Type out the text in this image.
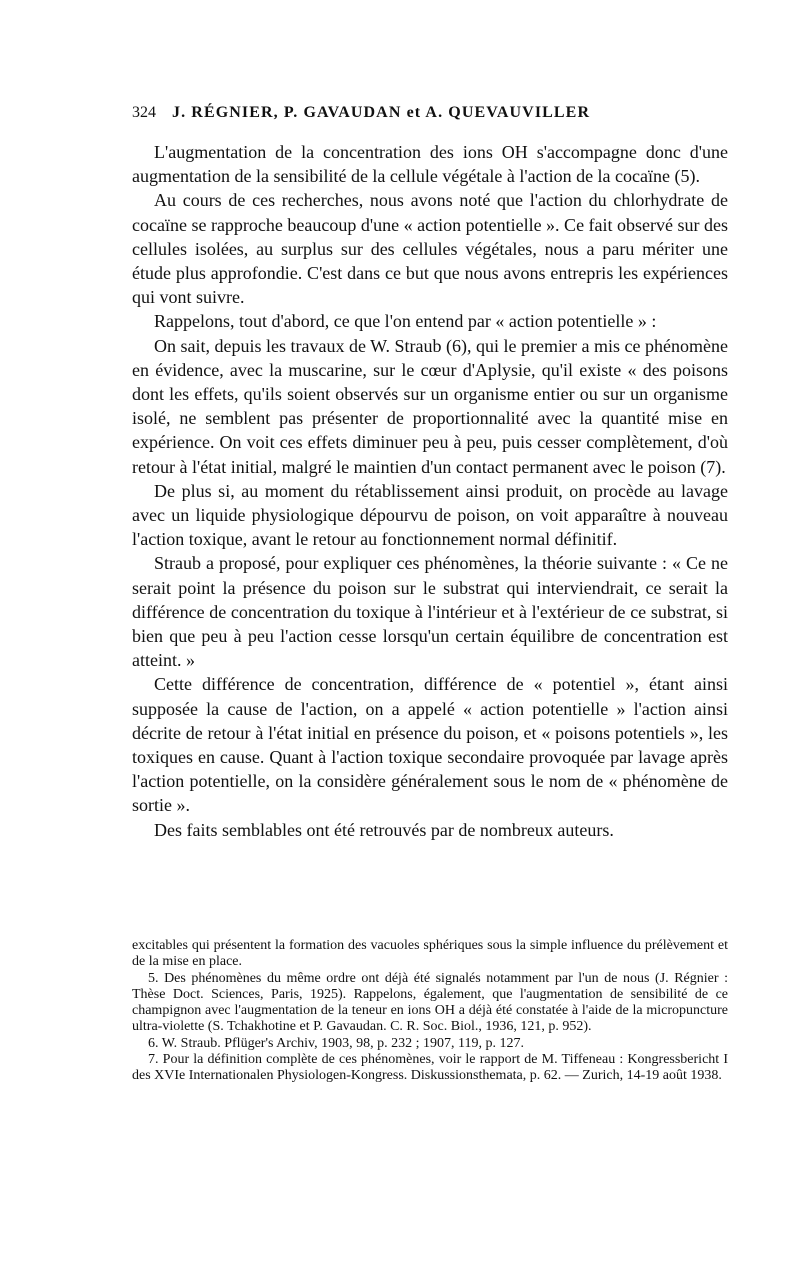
324 J. RÉGNIER, P. GAVAUDAN et A. QUEVAUVILLER

L'augmentation de la concentration des ions OH s'accompagne donc d'une augmentation de la sensibilité de la cellule végétale à l'action de la cocaïne (5).

Au cours de ces recherches, nous avons noté que l'action du chlorhydrate de cocaïne se rapproche beaucoup d'une « action potentielle ». Ce fait observé sur des cellules isolées, au surplus sur des cellules végétales, nous a paru mériter une étude plus approfondie. C'est dans ce but que nous avons entrepris les expériences qui vont suivre.

Rappelons, tout d'abord, ce que l'on entend par « action potentielle » :

On sait, depuis les travaux de W. Straub (6), qui le premier a mis ce phénomène en évidence, avec la muscarine, sur le cœur d'Aplysie, qu'il existe « des poisons dont les effets, qu'ils soient observés sur un organisme entier ou sur un organisme isolé, ne semblent pas présenter de proportionnalité avec la quantité mise en expérience. On voit ces effets diminuer peu à peu, puis cesser complètement, d'où retour à l'état initial, malgré le maintien d'un contact permanent avec le poison (7).

De plus si, au moment du rétablissement ainsi produit, on procède au lavage avec un liquide physiologique dépourvu de poison, on voit apparaître à nouveau l'action toxique, avant le retour au fonctionnement normal définitif.

Straub a proposé, pour expliquer ces phénomènes, la théorie suivante : « Ce ne serait point la présence du poison sur le substrat qui interviendrait, ce serait la différence de concentration du toxique à l'intérieur et à l'extérieur de ce substrat, si bien que peu à peu l'action cesse lorsqu'un certain équilibre de concentration est atteint. »

Cette différence de concentration, différence de « potentiel », étant ainsi supposée la cause de l'action, on a appelé « action potentielle » l'action ainsi décrite de retour à l'état initial en présence du poison, et « poisons potentiels », les toxiques en cause. Quant à l'action toxique secondaire provoquée par lavage après l'action potentielle, on la considère généralement sous le nom de « phénomène de sortie ».

Des faits semblables ont été retrouvés par de nombreux auteurs.

excitables qui présentent la formation des vacuoles sphériques sous la simple influence du prélèvement et de la mise en place.

5. Des phénomènes du même ordre ont déjà été signalés notamment par l'un de nous (J. Régnier : Thèse Doct. Sciences, Paris, 1925). Rappelons, également, que l'augmentation de sensibilité de ce champignon avec l'augmentation de la teneur en ions OH a déjà été constatée à l'aide de la micropuncture ultra-violette (S. Tchakhotine et P. Gavaudan. C. R. Soc. Biol., 1936, 121, p. 952).

6. W. Straub. Pflüger's Archiv, 1903, 98, p. 232 ; 1907, 119, p. 127.

7. Pour la définition complète de ces phénomènes, voir le rapport de M. Tiffeneau : Kongressbericht I des XVIe Internationalen Physiologen-Kongress. Diskussionsthemata, p. 62. — Zurich, 14-19 août 1938.
